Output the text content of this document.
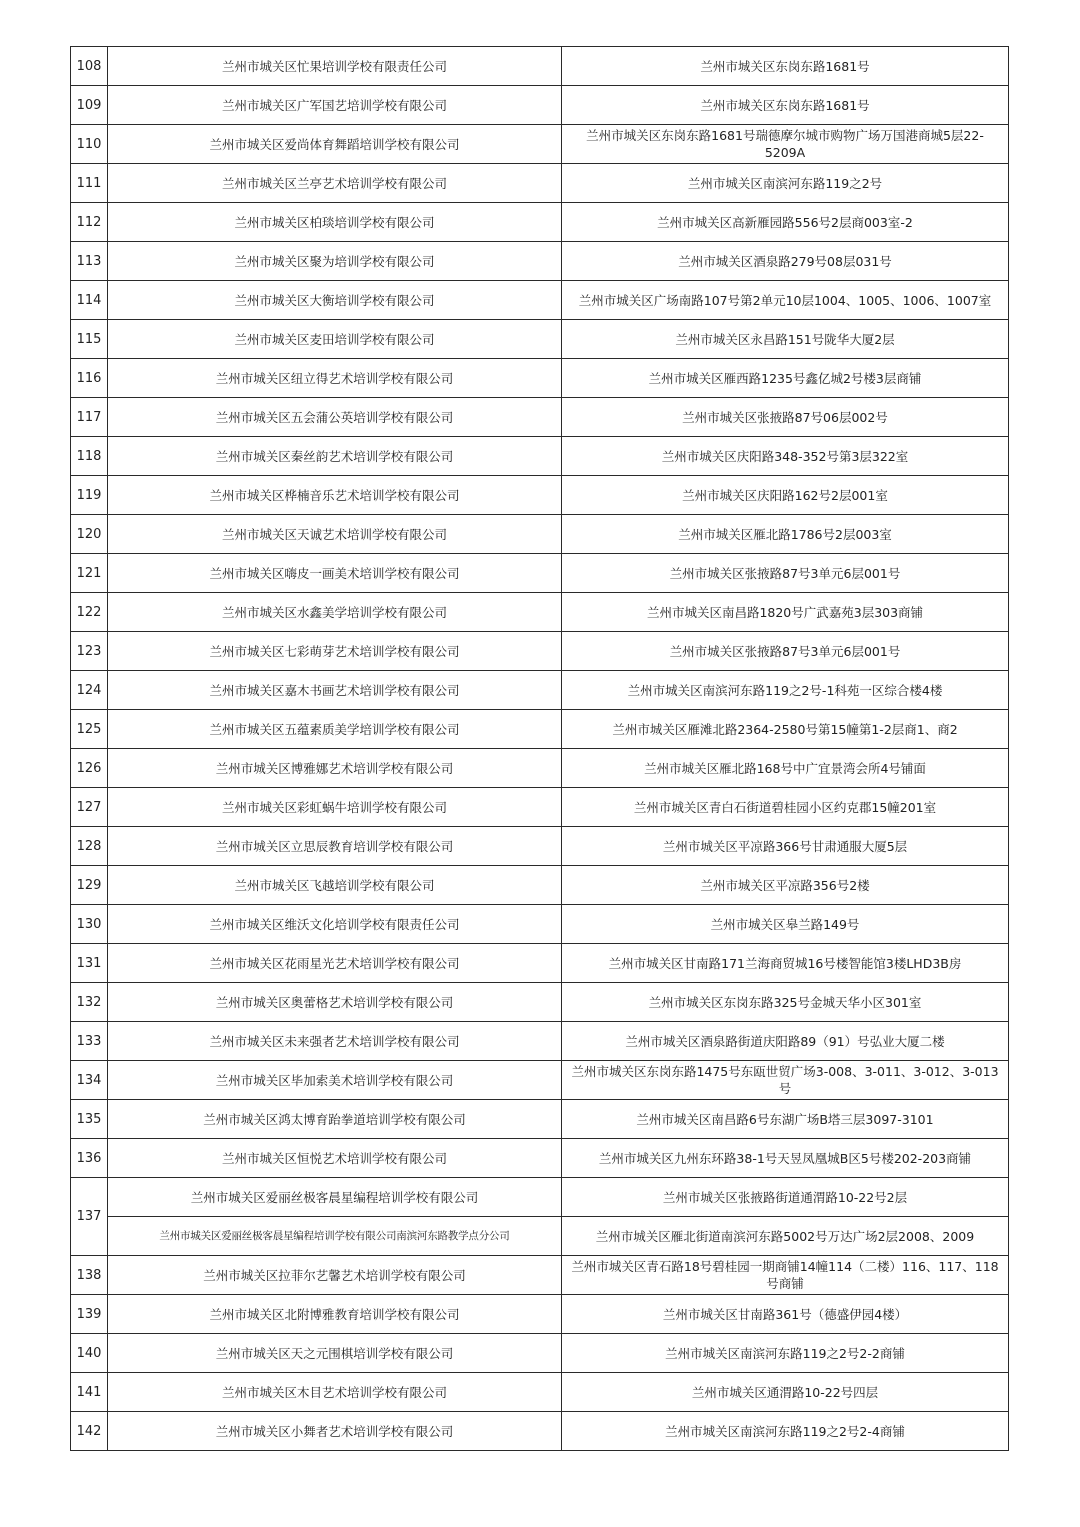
108	兰州市城关区忙果培训学校有限责任公司	兰州市城关区东岗东路1681号
109	兰州市城关区广军国艺培训学校有限公司	兰州市城关区东岗东路1681号
110	兰州市城关区爱尚体育舞蹈培训学校有限公司	兰州市城关区东岗东路1681号瑞德摩尔城市购物广场万国港商城5层22-5209A
111	兰州市城关区兰亭艺术培训学校有限公司	兰州市城关区南滨河东路119之2号
112	兰州市城关区柏琰培训学校有限公司	兰州市城关区高新雁园路556号2层商003室-2
113	兰州市城关区聚为培训学校有限公司	兰州市城关区酒泉路279号08层031号
114	兰州市城关区大衡培训学校有限公司	兰州市城关区广场南路107号第2单元10层1004、1005、1006、1007室
115	兰州市城关区麦田培训学校有限公司	兰州市城关区永昌路151号陇华大厦2层
116	兰州市城关区纽立得艺术培训学校有限公司	兰州市城关区雁西路1235号鑫亿城2号楼3层商铺
117	兰州市城关区五会蒲公英培训学校有限公司	兰州市城关区张掖路87号06层002号
118	兰州市城关区秦丝韵艺术培训学校有限公司	兰州市城关区庆阳路348-352号第3层322室
119	兰州市城关区桦楠音乐艺术培训学校有限公司	兰州市城关区庆阳路162号2层001室
120	兰州市城关区天诚艺术培训学校有限公司	兰州市城关区雁北路1786号2层003室
121	兰州市城关区嗨皮一画美术培训学校有限公司	兰州市城关区张掖路87号3单元6层001号
122	兰州市城关区水鑫美学培训学校有限公司	兰州市城关区南昌路1820号广武嘉苑3层303商铺
123	兰州市城关区七彩萌芽艺术培训学校有限公司	兰州市城关区张掖路87号3单元6层001号
124	兰州市城关区嘉木书画艺术培训学校有限公司	兰州市城关区南滨河东路119之2号-1科苑一区综合楼4楼
125	兰州市城关区五蕴素质美学培训学校有限公司	兰州市城关区雁滩北路2364-2580号第15幢第1-2层商1、商2
126	兰州市城关区博雅娜艺术培训学校有限公司	兰州市城关区雁北路168号中广宜景湾会所4号铺面
127	兰州市城关区彩虹蜗牛培训学校有限公司	兰州市城关区青白石街道碧桂园小区约克郡15幢201室
128	兰州市城关区立思辰教育培训学校有限公司	兰州市城关区平凉路366号甘肃通服大厦5层
129	兰州市城关区飞越培训学校有限公司	兰州市城关区平凉路356号2楼
130	兰州市城关区维沃文化培训学校有限责任公司	兰州市城关区皋兰路149号
131	兰州市城关区花雨星光艺术培训学校有限公司	兰州市城关区甘南路171兰海商贸城16号楼智能馆3楼LHD3B房
132	兰州市城关区奥蕾格艺术培训学校有限公司	兰州市城关区东岗东路325号金城天华小区301室
133	兰州市城关区未来强者艺术培训学校有限公司	兰州市城关区酒泉路街道庆阳路89（91）号弘业大厦二楼
134	兰州市城关区毕加索美术培训学校有限公司	兰州市城关区东岗东路1475号东瓯世贸广场3-008、3-011、3-012、3-013号
135	兰州市城关区鸿太博育跆拳道培训学校有限公司	兰州市城关区南昌路6号东湖广场B塔三层3097-3101
136	兰州市城关区恒悦艺术培训学校有限公司	兰州市城关区九州东环路38-1号天昱凤凰城B区5号楼202-203商铺
137	兰州市城关区爱丽丝极客晨星编程培训学校有限公司	兰州市城关区张掖路街道通渭路10-22号2层
	兰州市城关区爱丽丝极客晨星编程培训学校有限公司南滨河东路教学点分公司	兰州市城关区雁北街道南滨河东路5002号万达广场2层2008、2009
138	兰州市城关区拉菲尔艺馨艺术培训学校有限公司	兰州市城关区青石路18号碧桂园一期商铺14幢114（二楼）116、117、118号商铺
139	兰州市城关区北附博雅教育培训学校有限公司	兰州市城关区甘南路361号（德盛伊园4楼）
140	兰州市城关区天之元围棋培训学校有限公司	兰州市城关区南滨河东路119之2号2-2商铺
141	兰州市城关区木目艺术培训学校有限公司	兰州市城关区通渭路10-22号四层
142	兰州市城关区小舞者艺术培训学校有限公司	兰州市城关区南滨河东路119之2号2-4商铺
